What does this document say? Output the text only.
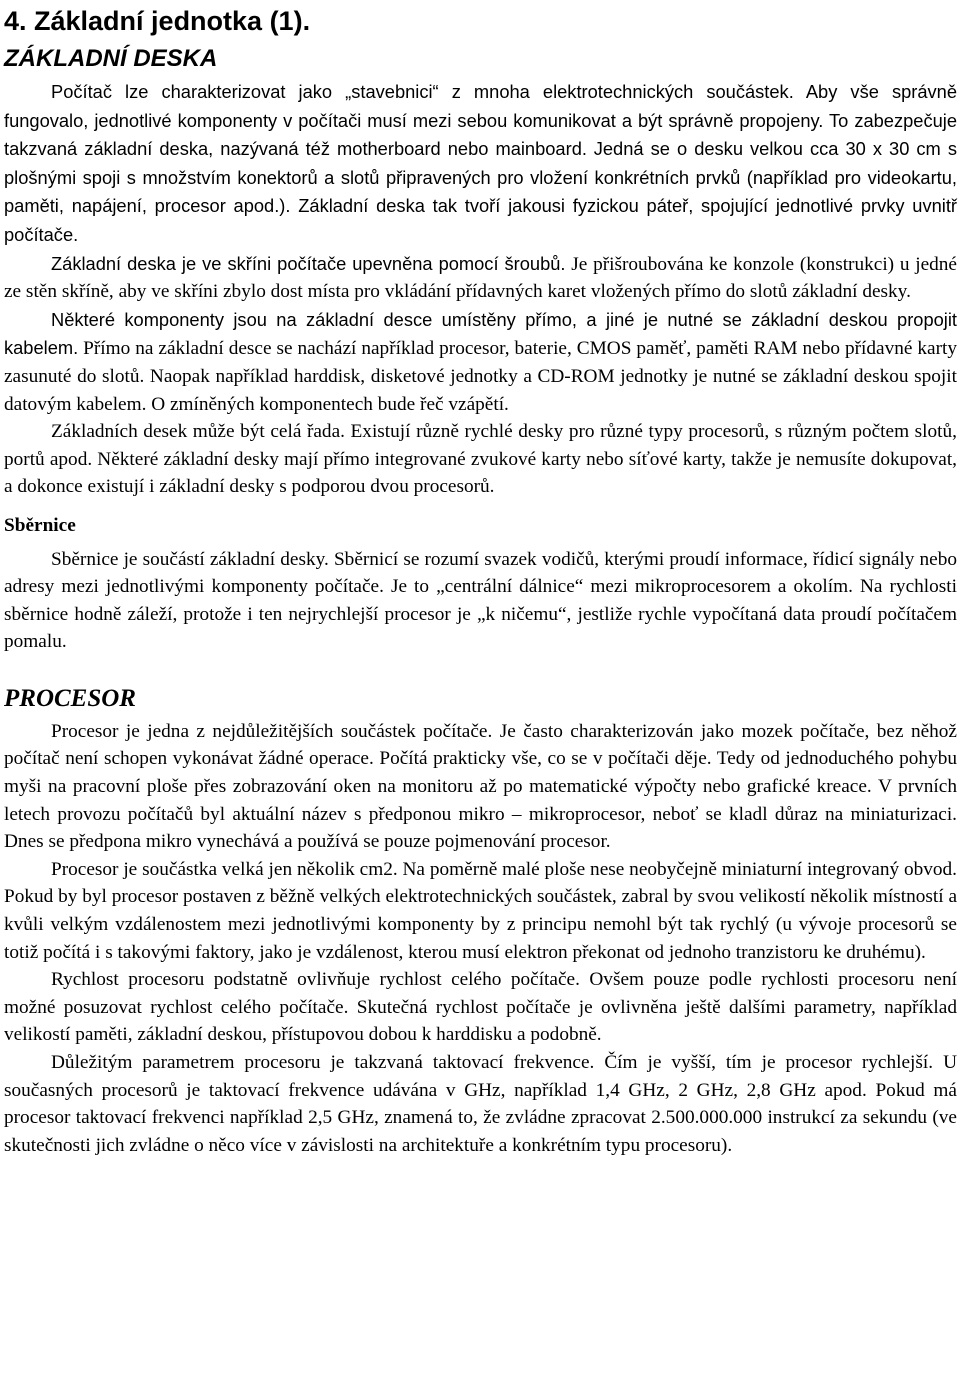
4. Základní jednotka (1).
ZÁKLADNÍ DESKA

Počítač lze charakterizovat jako „stavebnici“ z mnoha elektrotechnických součástek. Aby vše správně fungovalo, jednotlivé komponenty v počítači musí mezi sebou komunikovat a být správně propojeny. To zabezpečuje takzvaná základní deska, nazývaná též motherboard nebo mainboard. Jedná se o desku velkou cca 30 x 30 cm s plošnými spoji s množstvím konektorů a slotů připravených pro vložení konkrétních prvků (například pro videokartu, paměti, napájení, procesor apod.). Základní deska tak tvoří jakousi fyzickou páteř, spojující jednotlivé prvky uvnitř počítače.

Základní deska je ve skříni počítače upevněna pomocí šroubů. Je přišroubována ke konzole (konstrukci) u jedné ze stěn skříně, aby ve skříni zbylo dost místa pro vkládání přídavných karet vložených přímo do slotů základní desky.

Některé komponenty jsou na základní desce umístěny přímo, a jiné je nutné se základní deskou propojit kabelem. Přímo na základní desce se nachází například procesor, baterie, CMOS paměť, paměti RAM nebo přídavné karty zasunuté do slotů. Naopak například harddisk, disketové jednotky a CD-ROM jednotky je nutné se základní deskou spojit datovým kabelem. O zmíněných komponentech bude řeč vzápětí.

Základních desek může být celá řada. Existují různě rychlé desky pro různé typy procesorů, s různým počtem slotů, portů apod. Některé základní desky mají přímo integrované zvukové karty nebo síťové karty, takže je nemusíte dokupovat, a dokonce existují i základní desky s podporou dvou procesorů.

Sběrnice

Sběrnice je součástí základní desky. Sběrnicí se rozumí svazek vodičů, kterými proudí informace, řídicí signály nebo adresy mezi jednotlivými komponenty počítače. Je to „centrální dálnice“ mezi mikroprocesorem a okolím. Na rychlosti sběrnice hodně záleží, protože i ten nejrychlejší procesor je „k ničemu“, jestliže rychle vypočítaná data proudí počítačem pomalu.

PROCESOR

Procesor je jedna z nejdůležitějších součástek počítače. Je často charakterizován jako mozek počítače, bez něhož počítač není schopen vykonávat žádné operace. Počítá prakticky vše, co se v počítači děje. Tedy od jednoduchého pohybu myši na pracovní ploše přes zobrazování oken na monitoru až po matematické výpočty nebo grafické kreace. V prvních letech provozu počítačů byl aktuální název s předponou mikro – mikroprocesor, neboť se kladl důraz na miniaturizaci. Dnes se předpona mikro vynechává a používá se pouze pojmenování procesor.

Procesor je součástka velká jen několik cm2. Na poměrně malé ploše nese neobyčejně miniaturní integrovaný obvod. Pokud by byl procesor postaven z běžně velkých elektrotechnických součástek, zabral by svou velikostí několik místností a kvůli velkým vzdálenostem mezi jednotlivými komponenty by z principu nemohl být tak rychlý (u vývoje procesorů se totiž počítá i s takovými faktory, jako je vzdálenost, kterou musí elektron překonat od jednoho tranzistoru ke druhému).

Rychlost procesoru podstatně ovlivňuje rychlost celého počítače. Ovšem pouze podle rychlosti procesoru není možné posuzovat rychlost celého počítače. Skutečná rychlost počítače je ovlivněna ještě dalšími parametry, například velikostí paměti, základní deskou, přístupovou dobou k harddisku a podobně.

Důležitým parametrem procesoru je takzvaná taktovací frekvence. Čím je vyšší, tím je procesor rychlejší. U současných procesorů je taktovací frekvence udávána v GHz, například 1,4 GHz, 2 GHz, 2,8 GHz apod. Pokud má procesor taktovací frekvenci například 2,5 GHz, znamená to, že zvládne zpracovat 2.500.000.000 instrukcí za sekundu (ve skutečnosti jich zvládne o něco více v závislosti na architektuře a konkrétním typu procesoru).
